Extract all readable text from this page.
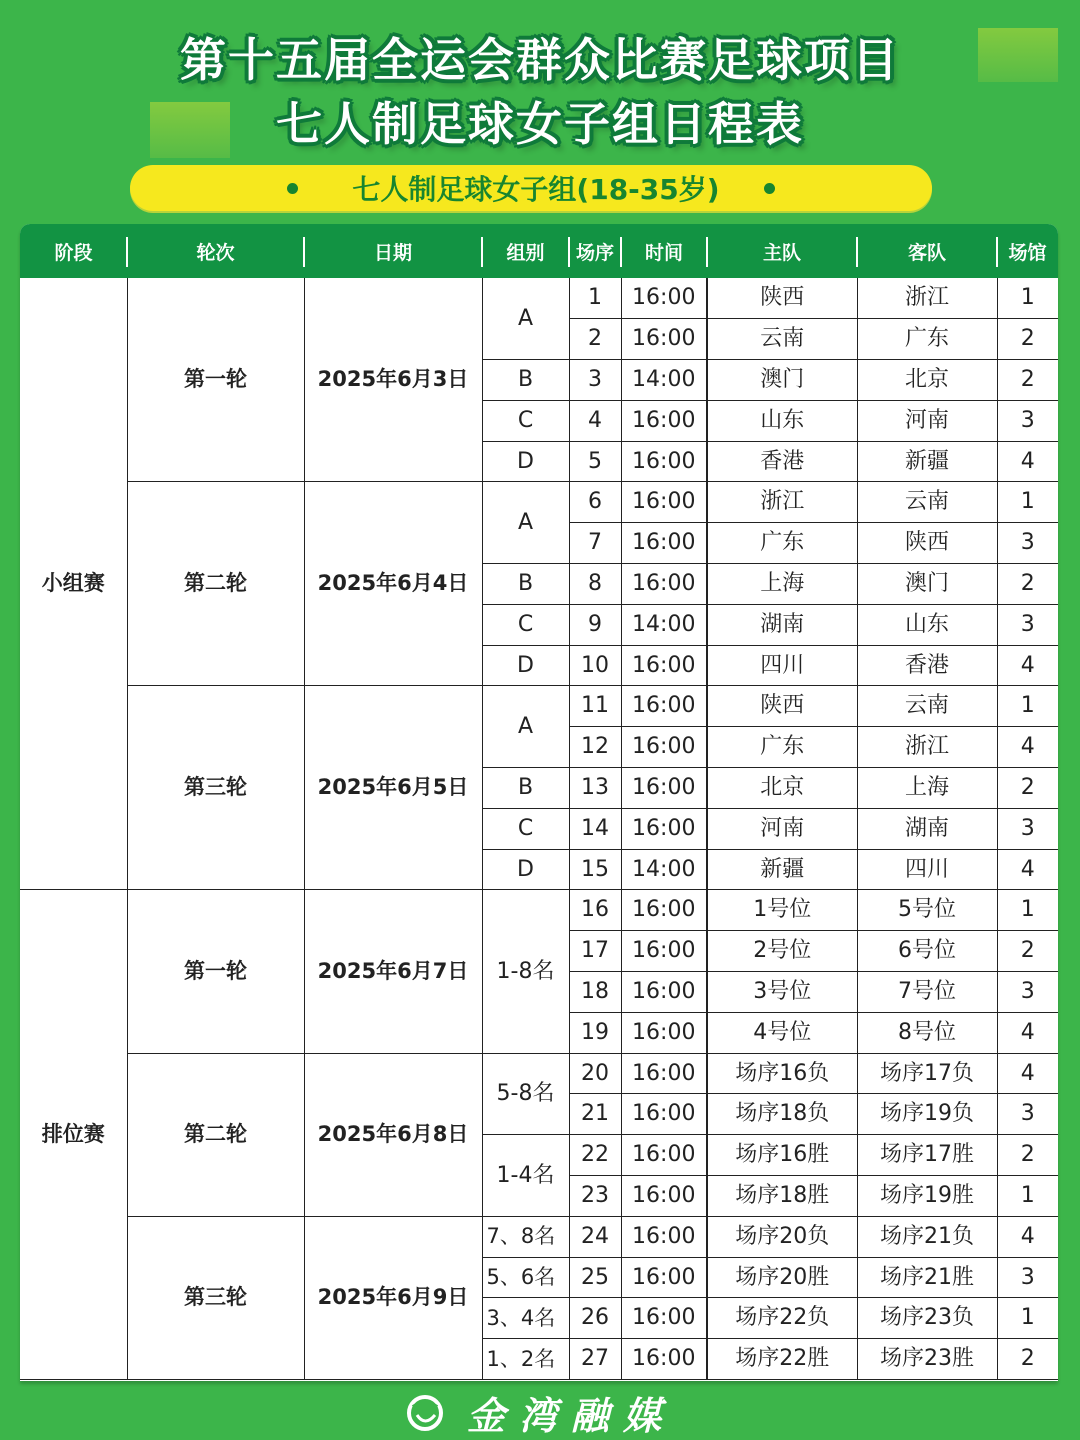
第十五届全运会群众比赛足球项目
七人制足球女子组日程表
七人制足球女子组(18-35岁)
阶段	轮次	日期	组别	场序	时间	主队	客队	场馆
小组赛	第一轮	2025年6月3日	A	1	16:00	陕西	浙江	1
				2	16:00	云南	广东	2
			B	3	14:00	澳门	北京	2
			C	4	16:00	山东	河南	3
			D	5	16:00	香港	新疆	4
	第二轮	2025年6月4日	A	6	16:00	浙江	云南	1
				7	16:00	广东	陕西	3
			B	8	16:00	上海	澳门	2
			C	9	14:00	湖南	山东	3
			D	10	16:00	四川	香港	4
	第三轮	2025年6月5日	A	11	16:00	陕西	云南	1
				12	16:00	广东	浙江	4
			B	13	16:00	北京	上海	2
			C	14	16:00	河南	湖南	3
			D	15	14:00	新疆	四川	4
排位赛	第一轮	2025年6月7日	1-8名	16	16:00	1号位	5号位	1
				17	16:00	2号位	6号位	2
				18	16:00	3号位	7号位	3
				19	16:00	4号位	8号位	4
	第二轮	2025年6月8日	5-8名	20	16:00	场序16负	场序17负	4
				21	16:00	场序18负	场序19负	3
			1-4名	22	16:00	场序16胜	场序17胜	2
				23	16:00	场序18胜	场序19胜	1
	第三轮	2025年6月9日	7、8名	24	16:00	场序20负	场序21负	4
			5、6名	25	16:00	场序20胜	场序21胜	3
			3、4名	26	16:00	场序22负	场序23负	1
			1、2名	27	16:00	场序22胜	场序23胜	2
金湾融媒
